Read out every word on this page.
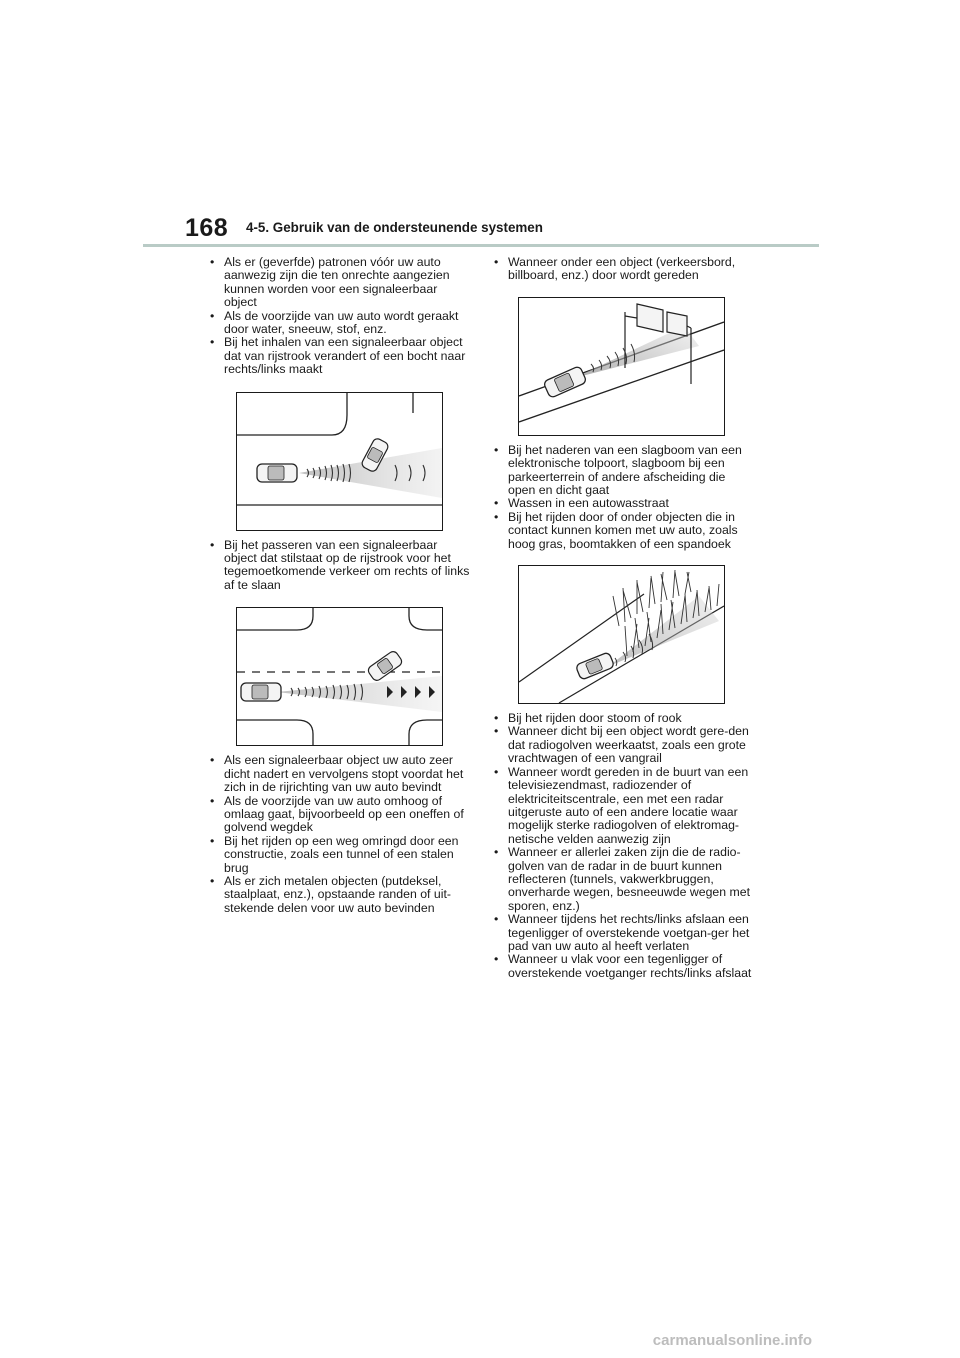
168 4-5. Gebruik van de ondersteunende systemen
• Als er (geverfde) patronen vóór uw auto aanwezig zijn die ten onrechte aangezien kunnen worden voor een signaleerbaar object
• Als de voorzijde van uw auto wordt geraakt door water, sneeuw, stof, enz.
• Bij het inhalen van een signaleerbaar object dat van rijstrook verandert of een bocht naar rechts/links maakt
• Bij het passeren van een signaleerbaar object dat stilstaat op de rijstrook voor het tegemoetkomende verkeer om rechts of links af te slaan
• Als een signaleerbaar object uw auto zeer dicht nadert en vervolgens stopt voordat het zich in de rijrichting van uw auto bevindt
• Als de voorzijde van uw auto omhoog of omlaag gaat, bijvoorbeeld op een oneffen of golvend wegdek
• Bij het rijden op een weg omringd door een constructie, zoals een tunnel of een stalen brug
• Als er zich metalen objecten (putdeksel, staalplaat, enz.), opstaande randen of uit-stekende delen voor uw auto bevinden
• Wanneer onder een object (verkeersbord, billboard, enz.) door wordt gereden
• Bij het naderen van een slagboom van een elektronische tolpoort, slagboom bij een parkeerterrein of andere afscheiding die open en dicht gaat
• Wassen in een autowasstraat
• Bij het rijden door of onder objecten die in contact kunnen komen met uw auto, zoals hoog gras, boomtakken of een spandoek
• Bij het rijden door stoom of rook
• Wanneer dicht bij een object wordt gere-den dat radiogolven weerkaatst, zoals een grote vrachtwagen of een vangrail
• Wanneer wordt gereden in de buurt van een televisiezendmast, radiozender of elektriciteitscentrale, een met een radar uitgeruste auto of een andere locatie waar mogelijk sterke radiogolven of elektromag-netische velden aanwezig zijn
• Wanneer er allerlei zaken zijn die de radio-golven van de radar in de buurt kunnen reflecteren (tunnels, vakwerkbruggen, onverharde wegen, besneeuwde wegen met sporen, enz.)
• Wanneer tijdens het rechts/links afslaan een tegenligger of overstekende voetgan-ger het pad van uw auto al heeft verlaten
• Wanneer u vlak voor een tegenligger of overstekende voetganger rechts/links afslaat
carmanualsonline.info
